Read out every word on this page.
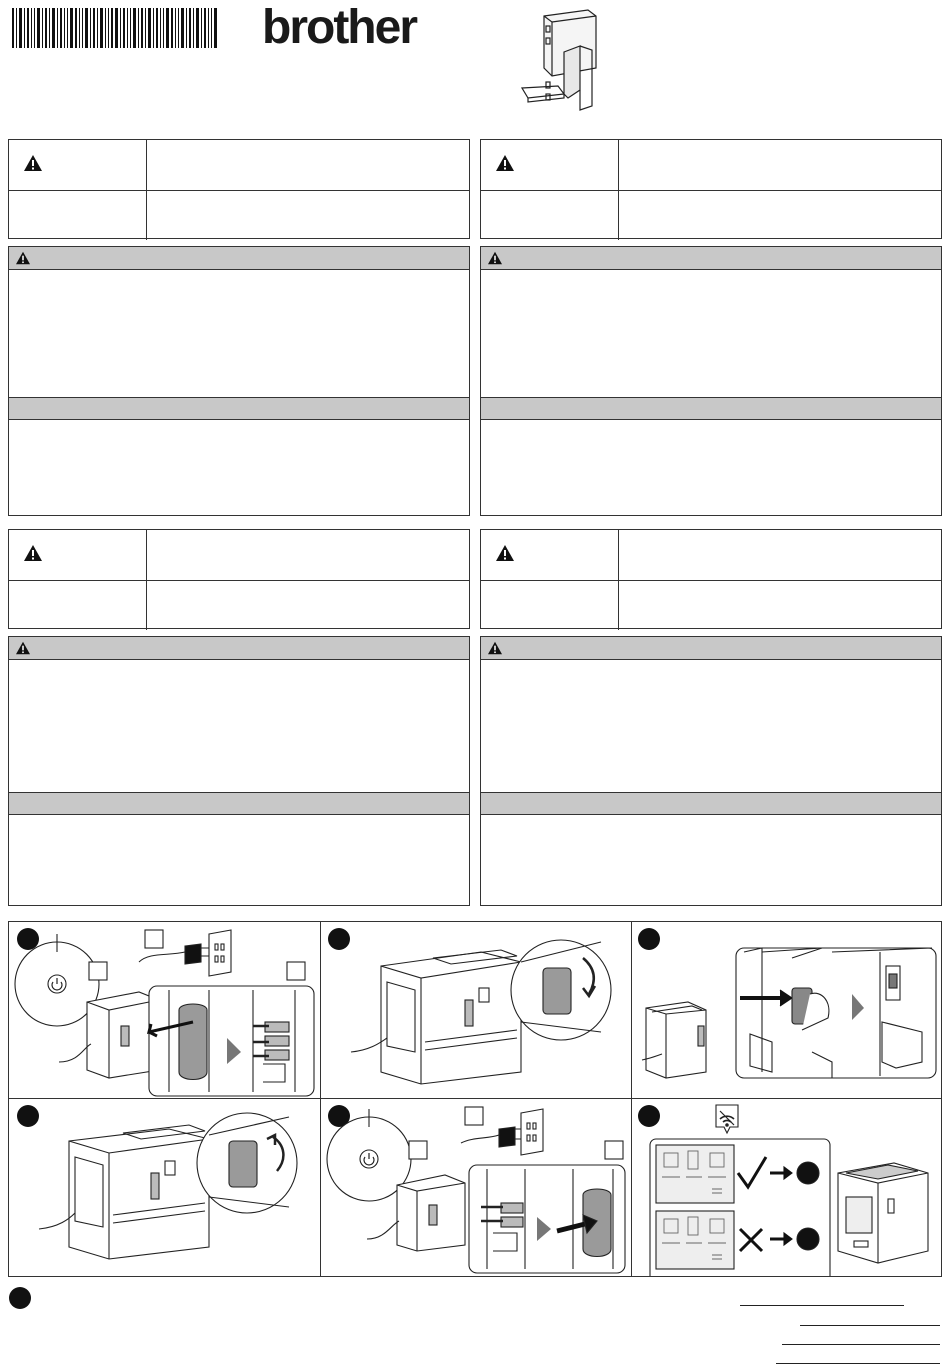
brother
